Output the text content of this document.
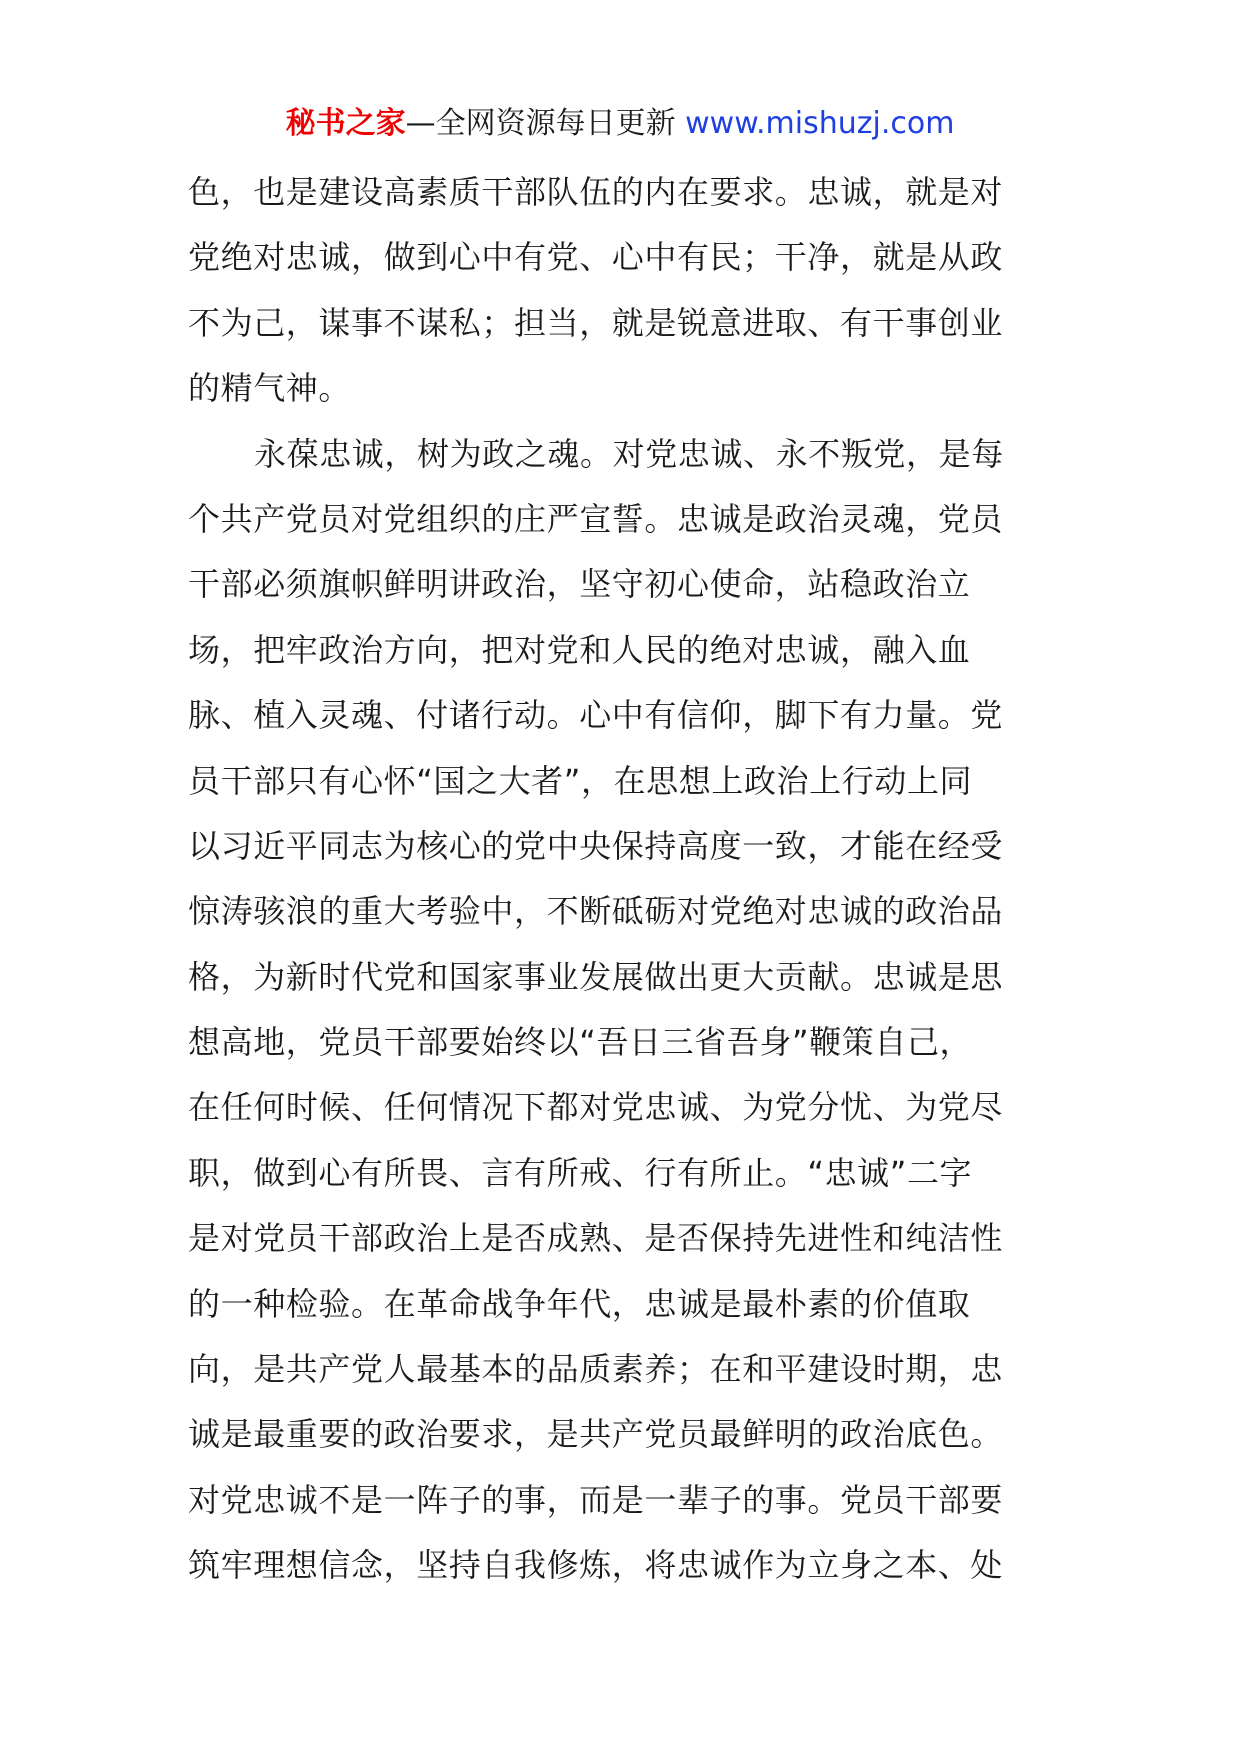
秘书之家—全网资源每日更新 www.mishuzj.com
色，也是建设高素质干部队伍的内在要求。忠诚，就是对
党绝对忠诚，做到心中有党、心中有民；干净，就是从政
不为己，谋事不谋私；担当，就是锐意进取、有干事创业
的精气神。
永葆忠诚，树为政之魂。对党忠诚、永不叛党，是每
个共产党员对党组织的庄严宣誓。忠诚是政治灵魂，党员
干部必须旗帜鲜明讲政治，坚守初心使命，站稳政治立
场，把牢政治方向，把对党和人民的绝对忠诚，融入血
脉、植入灵魂、付诸行动。心中有信仰，脚下有力量。党
员干部只有心怀“国之大者”，在思想上政治上行动上同
以习近平同志为核心的党中央保持高度一致，才能在经受
惊涛骇浪的重大考验中，不断砥砺对党绝对忠诚的政治品
格，为新时代党和国家事业发展做出更大贡献。忠诚是思
想高地，党员干部要始终以“吾日三省吾身”鞭策自己，
在任何时候、任何情况下都对党忠诚、为党分忧、为党尽
职，做到心有所畏、言有所戒、行有所止。“忠诚”二字
是对党员干部政治上是否成熟、是否保持先进性和纯洁性
的一种检验。在革命战争年代，忠诚是最朴素的价值取
向，是共产党人最基本的品质素养；在和平建设时期，忠
诚是最重要的政治要求，是共产党员最鲜明的政治底色。
对党忠诚不是一阵子的事，而是一辈子的事。党员干部要
筑牢理想信念，坚持自我修炼，将忠诚作为立身之本、处
